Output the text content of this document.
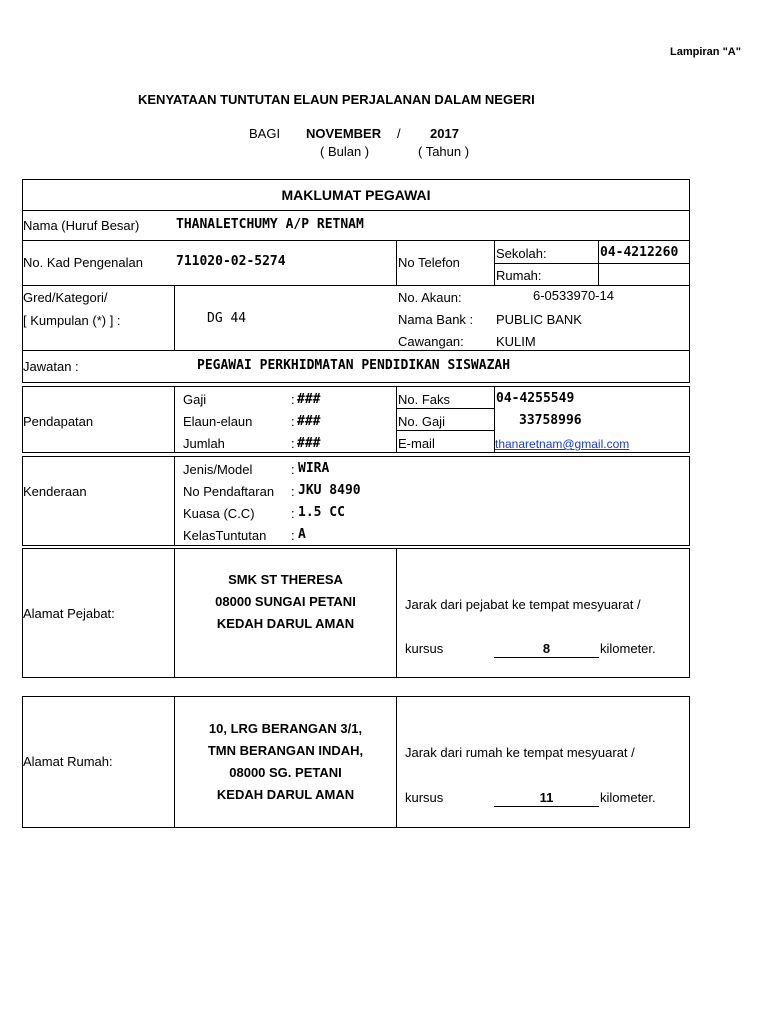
Lampiran "A"
KENYATAAN TUNTUTAN ELAUN PERJALANAN DALAM NEGERI
BAGI NOVEMBER / 2017
( Bulan )	( Tahun )
MAKLUMAT PEGAWAI
Nama (Huruf Besar)	THANALETCHUMY A/P RETNAM
No. Kad Pengenalan	711020-02-5274	No Telefon
Sekolah:	04-4212260
Rumah:
Gred/Kategori/
[ Kumpulan (*) ] :	DG 44
No. Akaun:	6-0533970-14
Nama Bank : PUBLIC BANK
Cawangan: KULIM
Jawatan :	PEGAWAI PERKHIDMATAN PENDIDIKAN SISWAZAH
Pendapatan
Gaji	: ###
Elaun-elaun	: ###
Jumlah	: ###
No. Faks	04-4255549
No. Gaji	33758996
E-mail	thanaretnam@gmail.com
Kenderaan
Jenis/Model	: WIRA
No Pendaftaran : JKU 8490
Kuasa (C.C)	: 1.5 CC
KelasTuntutan : A
Alamat Pejabat:
SMK ST THERESA
08000 SUNGAI PETANI
KEDAH DARUL AMAN
Jarak dari pejabat ke tempat mesyuarat /
kursus	8	kilometer.
Alamat Rumah:
10, LRG BERANGAN 3/1,
TMN BERANGAN INDAH,
08000 SG. PETANI
KEDAH DARUL AMAN
Jarak dari rumah ke tempat mesyuarat /
kursus	11	kilometer.
